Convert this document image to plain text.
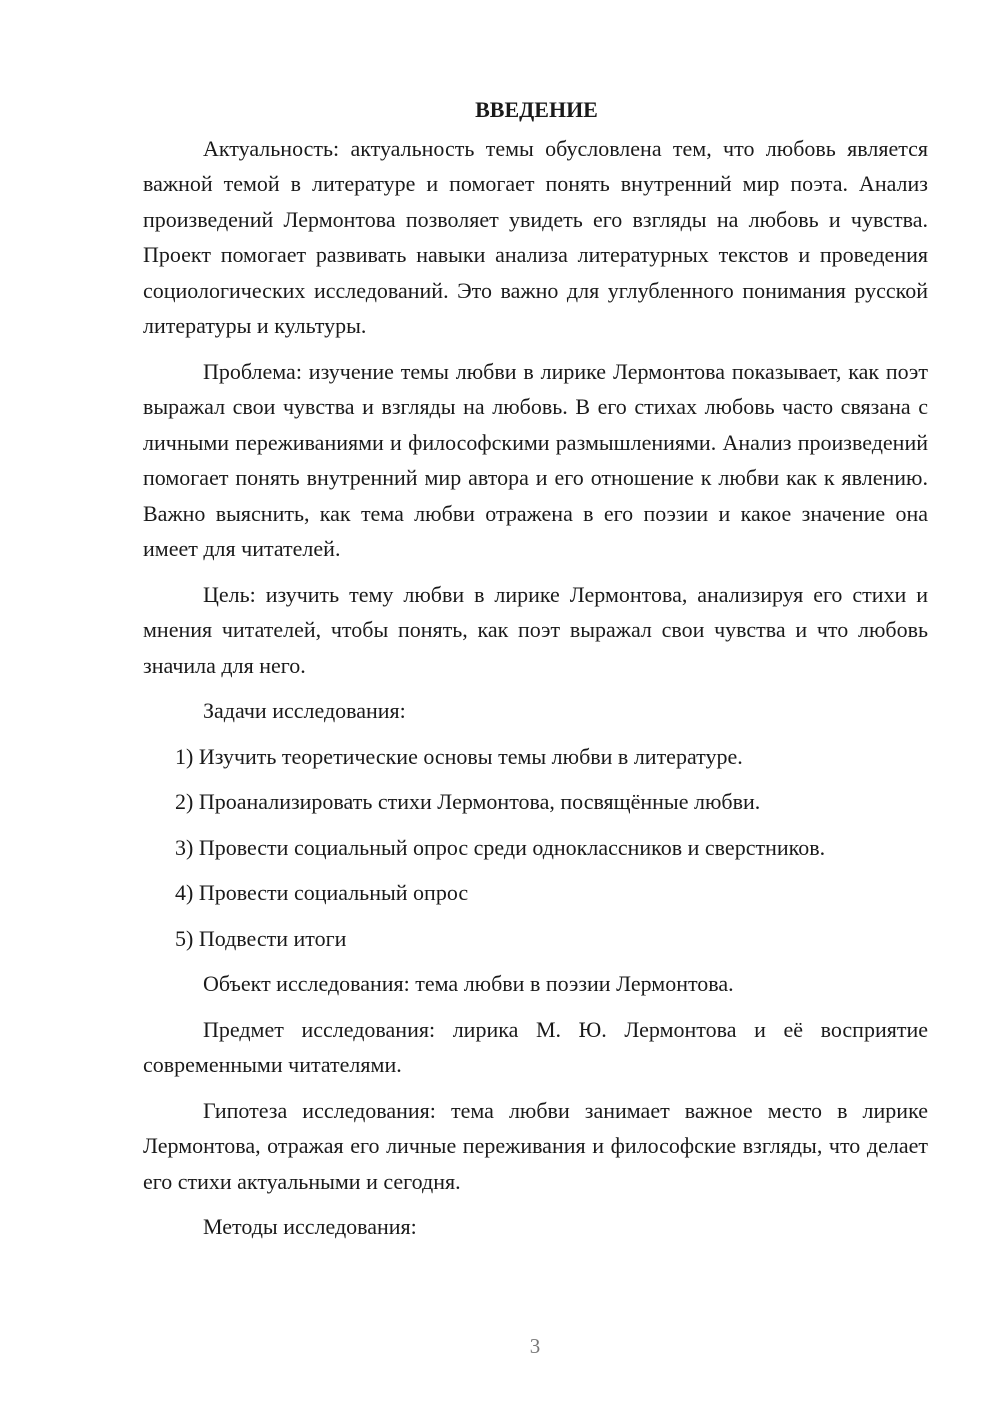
ВВЕДЕНИЕ

Актуальность: актуальность темы обусловлена тем, что любовь является важной темой в литературе и помогает понять внутренний мир поэта. Анализ произведений Лермонтова позволяет увидеть его взгляды на любовь и чувства. Проект помогает развивать навыки анализа литературных текстов и проведения социологических исследований. Это важно для углубленного понимания русской литературы и культуры.

Проблема: изучение темы любви в лирике Лермонтова показывает, как поэт выражал свои чувства и взгляды на любовь. В его стихах любовь часто связана с личными переживаниями и философскими размышлениями. Анализ произведений помогает понять внутренний мир автора и его отношение к любви как к явлению. Важно выяснить, как тема любви отражена в его поэзии и какое значение она имеет для читателей.

Цель: изучить тему любви в лирике Лермонтова, анализируя его стихи и мнения читателей, чтобы понять, как поэт выражал свои чувства и что любовь значила для него.

Задачи исследования:

1) Изучить теоретические основы темы любви в литературе.

2) Проанализировать стихи Лермонтова, посвящённые любви.

3) Провести социальный опрос среди одноклассников и сверстников.

4) Провести социальный опрос

5) Подвести итоги

Объект исследования: тема любви в поэзии Лермонтова.

Предмет исследования: лирика М. Ю. Лермонтова и её восприятие современными читателями.

Гипотеза исследования: тема любви занимает важное место в лирике Лермонтова, отражая его личные переживания и философские взгляды, что делает его стихи актуальными и сегодня.

Методы исследования:

3
